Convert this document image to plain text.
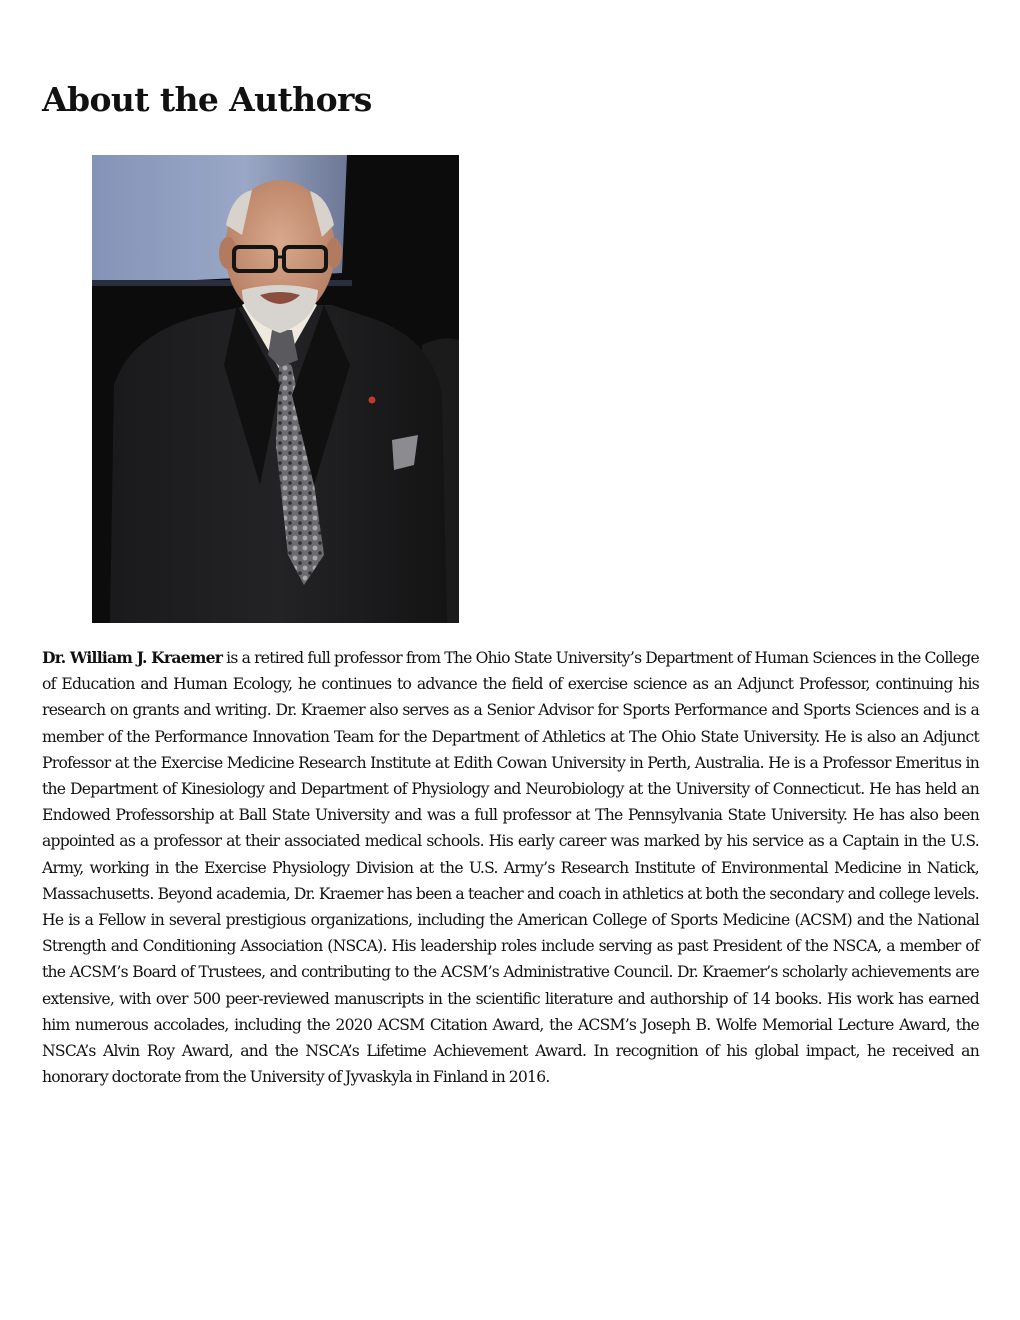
About the Authors

Dr. William J. Kraemer is a retired full professor from The Ohio State University’s Department of Human Sciences in the College of Education and Human Ecology, he continues to advance the field of exercise science as an Adjunct Professor, continuing his research on grants and writing. Dr. Kraemer also serves as a Senior Advisor for Sports Performance and Sports Sciences and is a member of the Performance Innovation Team for the Department of Athletics at The Ohio State University. He is also an Adjunct Professor at the Exercise Medicine Research Institute at Edith Cowan University in Perth, Australia. He is a Professor Emeritus in the Department of Kinesiology and Department of Physiology and Neurobiology at the University of Connecticut. He has held an Endowed Professorship at Ball State University and was a full professor at The Pennsylvania State University. He has also been appointed as a professor at their associated medical schools. His early career was marked by his service as a Captain in the U.S. Army, working in the Exercise Physiology Division at the U.S. Army’s Research Institute of Environmental Medicine in Natick, Massachusetts. Beyond academia, Dr. Kraemer has been a teacher and coach in athletics at both the secondary and college levels. He is a Fellow in several prestigious organizations, including the American College of Sports Medicine (ACSM) and the National Strength and Conditioning Association (NSCA). His leadership roles include serving as past President of the NSCA, a member of the ACSM’s Board of Trustees, and contributing to the ACSM’s Administrative Council. Dr. Kraemer’s scholarly achievements are extensive, with over 500 peer-reviewed manuscripts in the scientific literature and authorship of 14 books. His work has earned him numerous accolades, including the 2020 ACSM Citation Award, the ACSM’s Joseph B. Wolfe Memorial Lecture Award, the NSCA’s Alvin Roy Award, and the NSCA’s Lifetime Achievement Award. In recognition of his global impact, he received an honorary doctorate from the University of Jyvaskyla in Finland in 2016.
